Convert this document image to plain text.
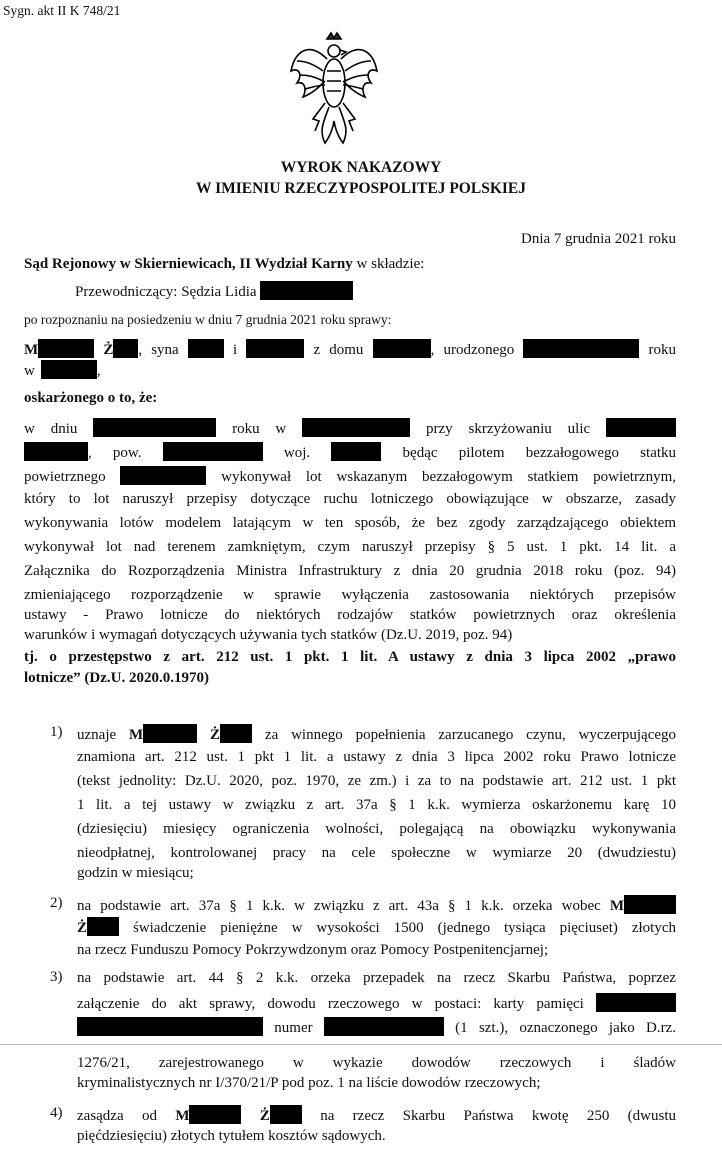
Sygn. akt II K 748/21
WYROK NAKAZOWY
W IMIENIU RZECZYPOSPOLITEJ POLSKIEJ
Dnia 7 grudnia 2021 roku
Sąd Rejonowy w Skierniewicach, II Wydział Karny w składzie:
Przewodniczący: Sędzia Lidia
po rozpoznaniu na posiedzeniu w dniu 7 grudnia 2021 roku sprawy:
M	Ż , syna	i	z domu	, urodzonego	roku
w	,
oskarżonego o to, że:
w dniu	roku w	przy skrzyżowaniu ulic
, pow.	woj.	będąc pilotem bezzałogowego statku
powietrznego	wykonywał lot wskazanym bezzałogowym statkiem powietrznym,
który to lot naruszył przepisy dotyczące ruchu lotniczego obowiązujące w obszarze, zasady
wykonywania lotów modelem latającym w ten sposób, że bez zgody zarządzającego obiektem
wykonywał lot nad terenem zamkniętym, czym naruszył przepisy § 5 ust. 1 pkt. 14 lit. a
Załącznika do Rozporządzenia Ministra Infrastruktury z dnia 20 grudnia 2018 roku (poz. 94)
zmieniającego rozporządzenie w sprawie wyłączenia zastosowania niektórych przepisów
ustawy - Prawo lotnicze do niektórych rodzajów statków powietrznych oraz określenia
warunków i wymagań dotyczących używania tych statków (Dz.U. 2019, poz. 94)
tj. o przestępstwo z art. 212 ust. 1 pkt. 1 lit. A ustawy z dnia 3 lipca 2002 „prawo
lotnicze” (Dz.U. 2020.0.1970)
1) uznaje M	Ż	za winnego popełnienia zarzucanego czynu, wyczerpującego
znamiona art. 212 ust. 1 pkt 1 lit. a ustawy z dnia 3 lipca 2002 roku Prawo lotnicze
(tekst jednolity: Dz.U. 2020, poz. 1970, ze zm.) i za to na podstawie art. 212 ust. 1 pkt
1 lit. a tej ustawy w związku z art. 37a § 1 k.k. wymierza oskarżonemu karę 10
(dziesięciu) miesięcy ograniczenia wolności, polegającą na obowiązku wykonywania
nieodpłatnej, kontrolowanej pracy na cele społeczne w wymiarze 20 (dwudziestu)
godzin w miesiącu;
2) na podstawie art. 37a § 1 k.k. w związku z art. 43a § 1 k.k. orzeka wobec M
Ż	świadczenie pieniężne w wysokości 1500 (jednego tysiąca pięciuset) złotych
na rzecz Funduszu Pomocy Pokrzywdzonym oraz Pomocy Postpenitencjarnej;
3) na podstawie art. 44 § 2 k.k. orzeka przepadek na rzecz Skarbu Państwa, poprzez
załączenie do akt sprawy, dowodu rzeczowego w postaci: karty pamięci
numer	(1 szt.), oznaczonego jako D.rz.
1276/21, zarejestrowanego w wykazie dowodów rzeczowych i śladów
kryminalistycznych nr I/370/21/P pod poz. 1 na liście dowodów rzeczowych;
4) zasądza od M	Ż	na rzecz Skarbu Państwa kwotę 250 (dwustu
pięćdziesięciu) złotych tytułem kosztów sądowych.
